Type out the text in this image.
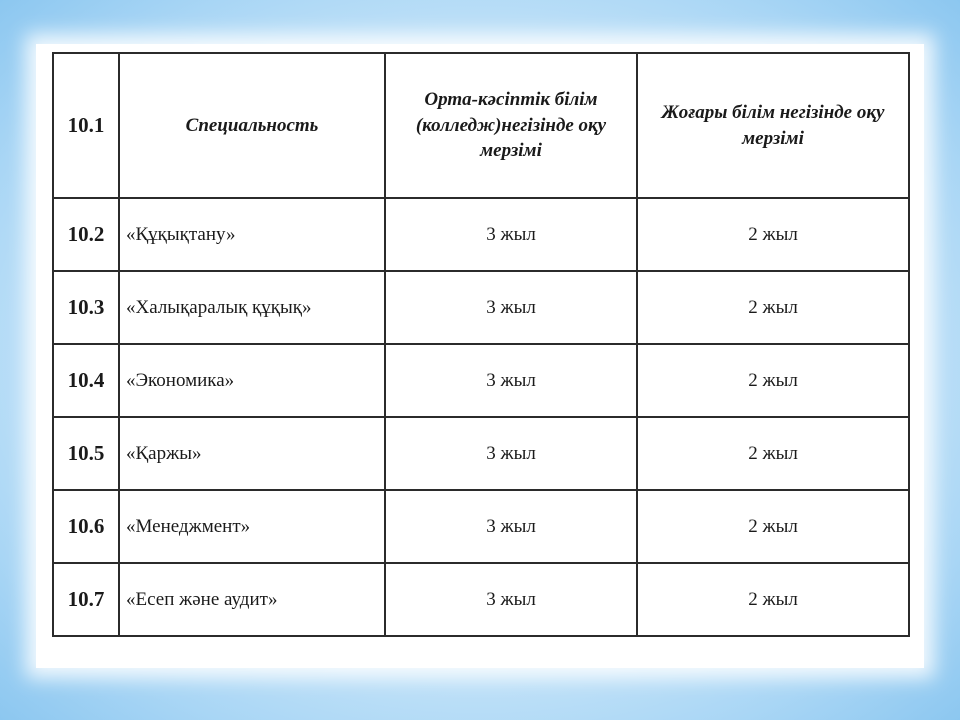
10.1	Специальность	Орта-кәсіптік білім (колледж)негізінде оқу мерзімі	Жоғары білім негізінде оқу мерзімі
10.2	«Құқықтану»	3 жыл	2 жыл
10.3	«Халықаралық құқық»	3 жыл	2 жыл
10.4	«Экономика»	3 жыл	2 жыл
10.5	«Қаржы»	3 жыл	2 жыл
10.6	«Менеджмент»	3 жыл	2 жыл
10.7	«Есеп және аудит»	3 жыл	2 жыл
